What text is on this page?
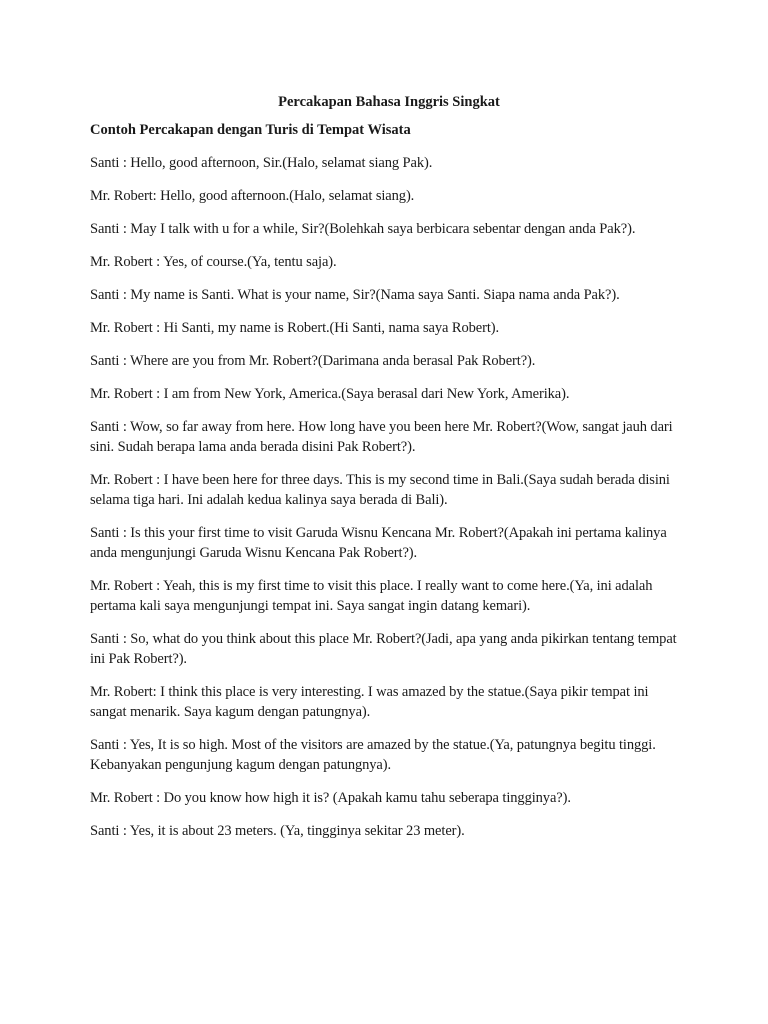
Percakapan Bahasa Inggris Singkat
Contoh Percakapan dengan Turis di Tempat Wisata

Santi : Hello, good afternoon, Sir.(Halo, selamat siang Pak).

Mr. Robert: Hello, good afternoon.(Halo, selamat siang).

Santi : May I talk with u for a while, Sir?(Bolehkah saya berbicara sebentar dengan anda Pak?).

Mr. Robert : Yes, of course.(Ya, tentu saja).

Santi : My name is Santi. What is your name, Sir?(Nama saya Santi. Siapa nama anda Pak?).

Mr. Robert : Hi Santi, my name is Robert.(Hi Santi, nama saya Robert).

Santi : Where are you from Mr. Robert?(Darimana anda berasal Pak Robert?).

Mr. Robert : I am from New York, America.(Saya berasal dari New York, Amerika).

Santi : Wow, so far away from here. How long have you been here Mr. Robert?(Wow, sangat jauh dari sini. Sudah berapa lama anda berada disini Pak Robert?).

Mr. Robert : I have been here for three days. This is my second time in Bali.(Saya sudah berada disini selama tiga hari. Ini adalah kedua kalinya saya berada di Bali).

Santi : Is this your first time to visit Garuda Wisnu Kencana Mr. Robert?(Apakah ini pertama kalinya anda mengunjungi Garuda Wisnu Kencana Pak Robert?).

Mr. Robert : Yeah, this is my first time to visit this place. I really want to come here.(Ya, ini adalah pertama kali saya mengunjungi tempat ini. Saya sangat ingin datang kemari).

Santi : So, what do you think about this place Mr. Robert?(Jadi, apa yang anda pikirkan tentang tempat ini Pak Robert?).

Mr. Robert: I think this place is very interesting. I was amazed by the statue.(Saya pikir tempat ini sangat menarik. Saya kagum dengan patungnya).

Santi : Yes, It is so high. Most of the visitors are amazed by the statue.(Ya, patungnya begitu tinggi. Kebanyakan pengunjung kagum dengan patungnya).

Mr. Robert : Do you know how high it is? (Apakah kamu tahu seberapa tingginya?).

Santi : Yes, it is about 23 meters. (Ya, tingginya sekitar 23 meter).
